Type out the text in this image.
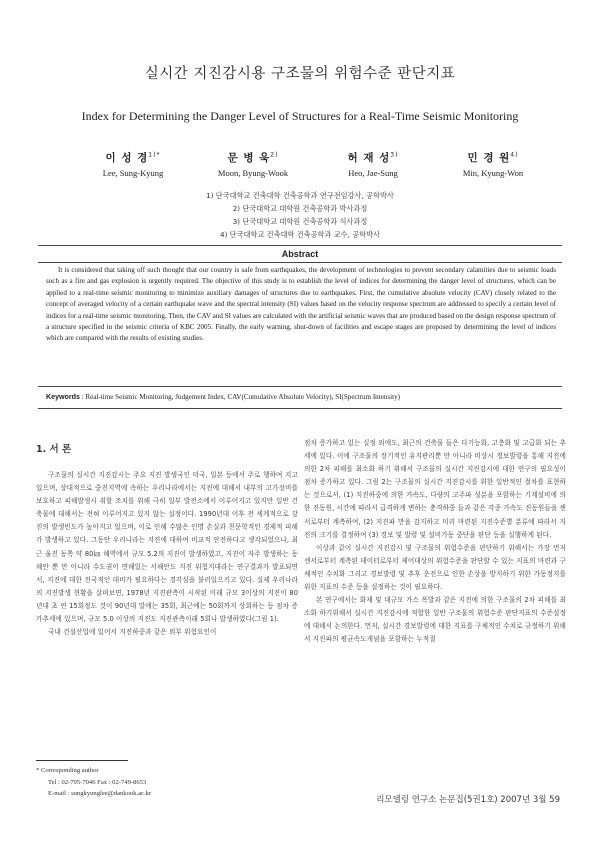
실시간 지진감시용 구조물의 위험수준 판단지표
Index for Determining the Danger Level of Structures for a Real-Time Seismic Monitoring
이 성 경$^{1)*}$
Lee, Sung-Kyung
문 병 욱$^{2)}$
Moon, Byung-Wook
허 재 성$^{3)}$
Heo, Jae-Sung
민 경 원$^{4)}$
Min, Kyung-Won
1) 단국대학교 건축대학 건축공학과 연구전임강사, 공학박사
2) 단국대학교 대학원 건축공학과 박사과정
3) 단국대학교 대학원 건축공학과 석사과정
4) 단국대학교 건축대학 건축공학과 교수, 공학박사
Abstract
It is considered that taking off such thought that our country is safe from earthquakes, the development of technologies to prevent secondary calamities due to seismic loads such as a fire and gas explosion is urgently required. The objective of this study is to establish the level of indices for determining the danger level of structures, which can be applied to a real-time seismic monitoring to minimize auxiliary damages of structures due to earthquakes. First, the cumulative absolute velocity (CAV) closely related to the concept of averaged velocity of a certain earthquake wave and the spectral intensity (SI) values based on the velocity response spectrum are addressed to specify a certain level of indices for a real-time seismic monitoring. Then, the CAV and SI values are calculated with the artificial seismic waves that are produced based on the design response spectrum of a structure specified in the seismic criteria of KBC 2005. Finally, the early warning, shut-down of facilities and escape stages are proposed by determining the level of indices which are compared with the results of existing studies.
Keywords : Real-time Seismic Monitoring, Judgement Index, CAV(Cumulative Absolute Velocity), SI(Spectrum Intensity)
1. 서 론

구조물의 실시간 지진감시는 주요 지진 발생국인 미국, 일본 등에서 주로 행하여 지고 있으며, 상대적으로 중진지역에 속하는 우리나라에서는 지진에 대해서 내부의 고가장비를 보호하고 피해발생시 취할 조치를 위해 극히 일부 발전소에서 이루어지고 있지만 일반 건축물에 대해서는 전혀 이루어지고 있지 않는 실정이다. 1990년대 이후 전 세계적으로 강진의 발생빈도가 높아지고 있으며, 이로 인해 수많은 인명 손실과 천문학적인 경제적 피해가 발생하고 있다. 그동안 우리나라는 지진에 대하여 비교적 안전하다고 생각되었으나, 최근 울진 동쪽 약 80㎞ 해역에서 규모 5.2의 지진이 발생하였고, 지진이 자주 발생하는 동해안 뿐 만 아니라 수도권이 면해있는 서해안도 지진 위험지대라는 연구결과가 발표되면서, 지진에 대한 전국적인 대비가 필요하다는 경각심을 불러일으키고 있다. 실제 우리나라의 지진발생 현황을 살펴보면, 1978년 지진관측이 시작된 이래 규모 3이상의 지진이 80년대 초 연 15회정도 것이 90년대 말에는 35회, 최근에는 50회까지 상회하는 등 점차 증가추세에 있으며, 규모 5.0 이상의 지진도 지진관측이래 5회나 발생하였다(그림 1).

국내 건설산업에 있어서 지진하중과 같은 외부 위험요인이

점차 증가하고 있는 실정 외에도, 최근의 건축물 들은 다기능화, 고층화 및 고급화 되는 추세에 있다. 이에 구조물의 장기적인 유지관리뿐 만 아니라 비상시 경보발령을 통해 지진에 의한 2차 피해를 최소화 하기 위해서 구조물의 실시간 지진감시에 대한 연구의 필요성이 점차 증가하고 있다. 그림 2는 구조물의 실시간 지진감시를 위한 일반적인 절차를 표현하는 것으로서, (1) 지진하중에 의한 가속도, 다량의 고주파 성분을 포함하는 기계설비에 의한 진동원, 시간에 따라서 급격하게 변하는 충격하중 들과 같은 각종 가속도 진동원들을 센서로부터 계측하여, (2) 지진파 만을 감지하고 미리 마련된 지진수준별 분류에 따라서 지진의 크기를 결정하여 (3) 경보 및 발령 및 설비가동 중단을 판단 등을 실행하게 된다.

이상과 같이 실시간 지진감시 및 구조물의 위험수준을 판단하기 위해서는 가장 먼저 센서로부터 계측된 데이터로부터 제어대상의 위험수준을 판단할 수 있는 지표의 마련과 구체적인 수치화 그리고 경보발령 및 추후 운전으로 인한 손상을 방지하기 위한 가동정지를 위한 지표의 수준 등을 설정하는 것이 필요하다.

본 연구에서는 화재 및 대규모 가스 폭발과 같은 지진에 의한 구조물의 2차 피해를 최소화 하기위해서 실시간 지진감시에 적합한 일반 구조물의 위험수준 판단지표의 수준설정에 대해서 논의한다. 먼저, 실시간 경보발령에 대한 지표를 구체적인 수치로 규정하기 위해서 지진파의 평균속도개념을 포함하는 누적절

* Corresponding author
Tel : 02-795-7046 Fax : 02-749-8653
E-mail : sungkyunglee@dankook.ac.kr
리모델링 연구소 논문집(5권1호) 2007년 3월 59
